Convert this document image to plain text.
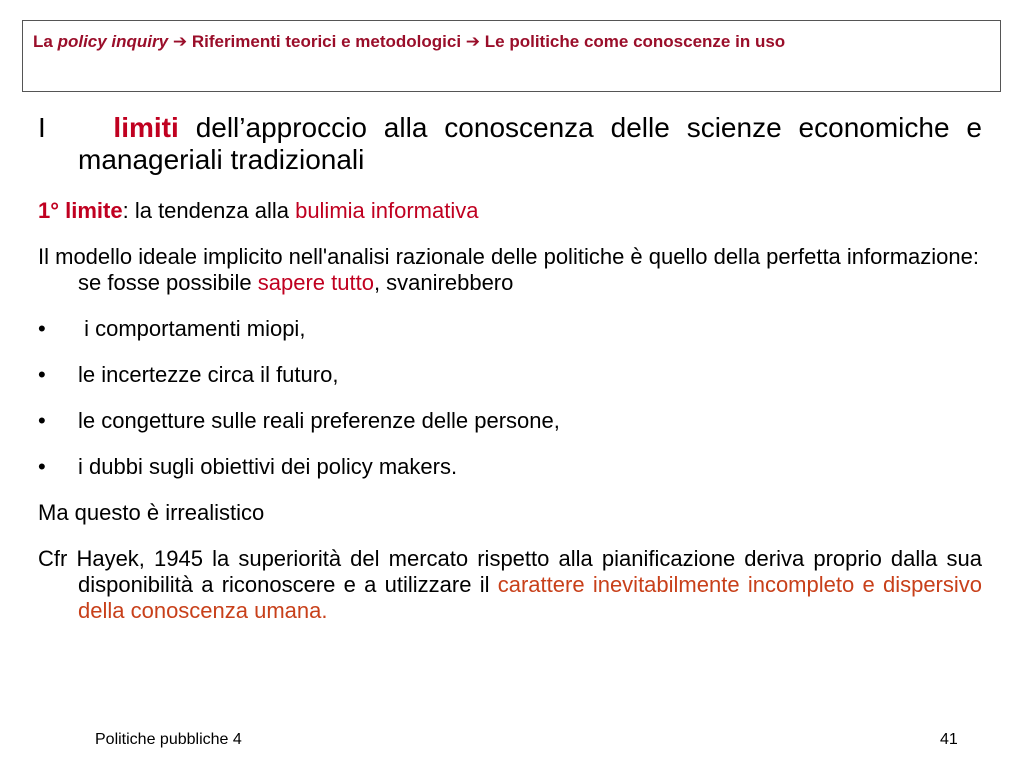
La policy inquiry ➔ Riferimenti teorici e metodologici ➔ Le politiche come conoscenze in uso

I limiti dell’approccio alla conoscenza delle scienze economiche e manageriali tradizionali

1° limite: la tendenza alla bulimia informativa

Il modello ideale implicito nell'analisi razionale delle politiche è quello della perfetta informazione: se fosse possibile sapere tutto, svanirebbero

• i comportamenti miopi,

• le incertezze circa il futuro,

• le congetture sulle reali preferenze delle persone,

• i dubbi sugli obiettivi dei policy makers.

Ma questo è irrealistico

Cfr Hayek, 1945 la superiorità del mercato rispetto alla pianificazione deriva proprio dalla sua disponibilità a riconoscere e a utilizzare il carattere inevitabilmente incompleto e dispersivo della conoscenza umana.

Politiche pubbliche 4	41
